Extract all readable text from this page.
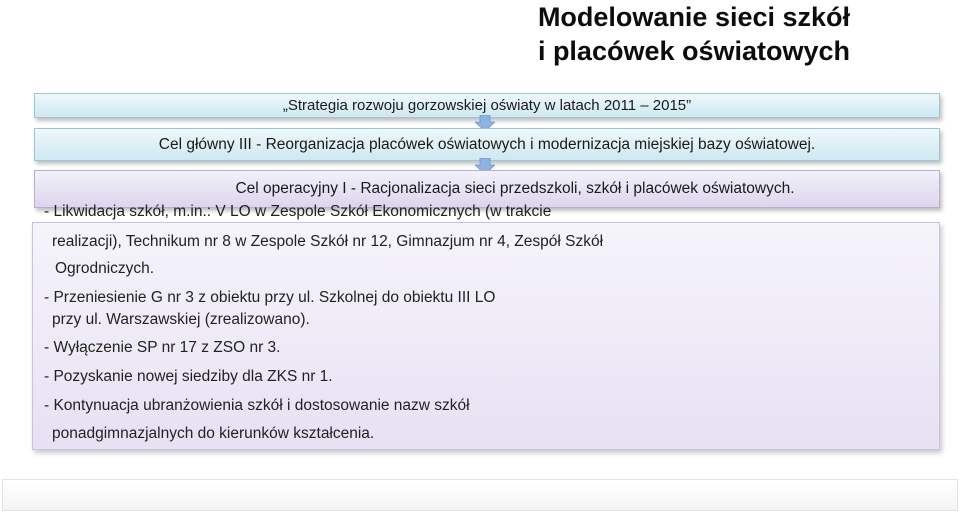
Modelowanie sieci szkół
i placówek oświatowych
„Strategia rozwoju gorzowskiej oświaty w latach 2011 – 2015”
Cel główny III - Reorganizacja placówek oświatowych i modernizacja miejskiej bazy oświatowej.
Cel operacyjny I - Racjonalizacja sieci przedszkoli, szkół i placówek oświatowych.
- Likwidacja szkół, m.in.: V LO w Zespole Szkół Ekonomicznych (w trakcie
realizacji), Technikum nr 8 w Zespole Szkół nr 12, Gimnazjum nr 4, Zespół Szkół
Ogrodniczych.
- Przeniesienie G nr 3 z obiektu przy ul. Szkolnej do obiektu III LO
przy ul. Warszawskiej (zrealizowano).
- Wyłączenie SP nr 17 z ZSO nr 3.
- Pozyskanie nowej siedziby dla ZKS nr 1.
- Kontynuacja ubranżowienia szkół i dostosowanie nazw szkół
ponadgimnazjalnych do kierunków kształcenia.
